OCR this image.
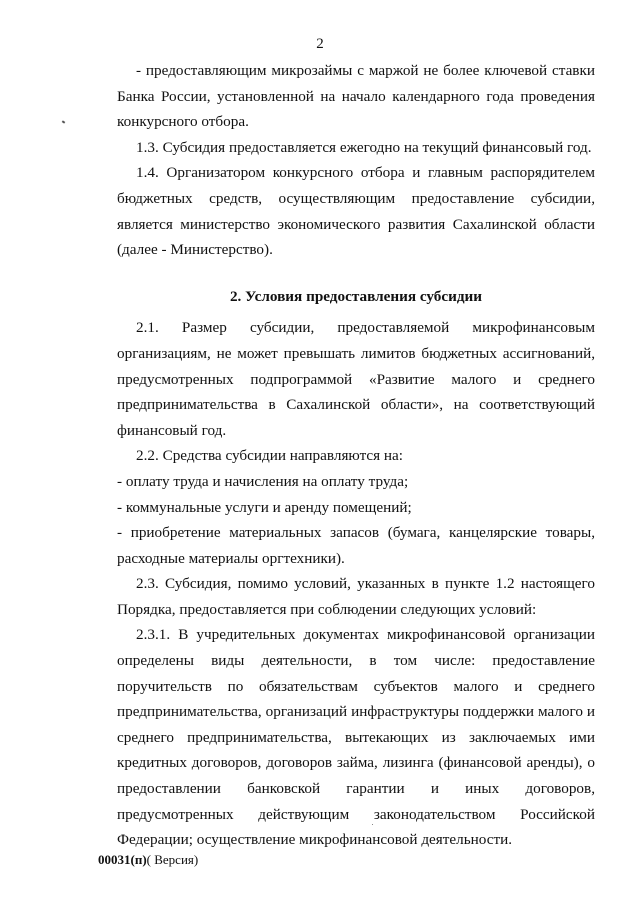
2

- предоставляющим микрозаймы с маржой не более ключевой ставки Банка России, установленной на начало календарного года проведения конкурсного отбора.

1.3. Субсидия предоставляется ежегодно на текущий финансовый год.

1.4. Организатором конкурсного отбора и главным распорядителем бюджетных средств, осуществляющим предоставление субсидии, является министерство экономического развития Сахалинской области (далее - Министерство).

2. Условия предоставления субсидии

2.1. Размер субсидии, предоставляемой микрофинансовым организациям, не может превышать лимитов бюджетных ассигнований, предусмотренных подпрограммой «Развитие малого и среднего предпринимательства в Сахалинской области», на соответствующий финансовый год.

2.2. Средства субсидии направляются на:

- оплату труда и начисления на оплату труда;

- коммунальные услуги и аренду помещений;

- приобретение материальных запасов (бумага, канцелярские товары, расходные материалы оргтехники).

2.3. Субсидия, помимо условий, указанных в пункте 1.2 настоящего Порядка, предоставляется при соблюдении следующих условий:

2.3.1. В учредительных документах микрофинансовой организации определены виды деятельности, в том числе: предоставление поручительств по обязательствам субъектов малого и среднего предпринимательства, организаций инфраструктуры поддержки малого и среднего предпринимательства, вытекающих из заключаемых ими кредитных договоров, договоров займа, лизинга (финансовой аренды), о предоставлении банковской гарантии и иных договоров, предусмотренных действующим законодательством Российской Федерации; осуществление микрофинансовой деятельности.

00031(п)( Версия)
